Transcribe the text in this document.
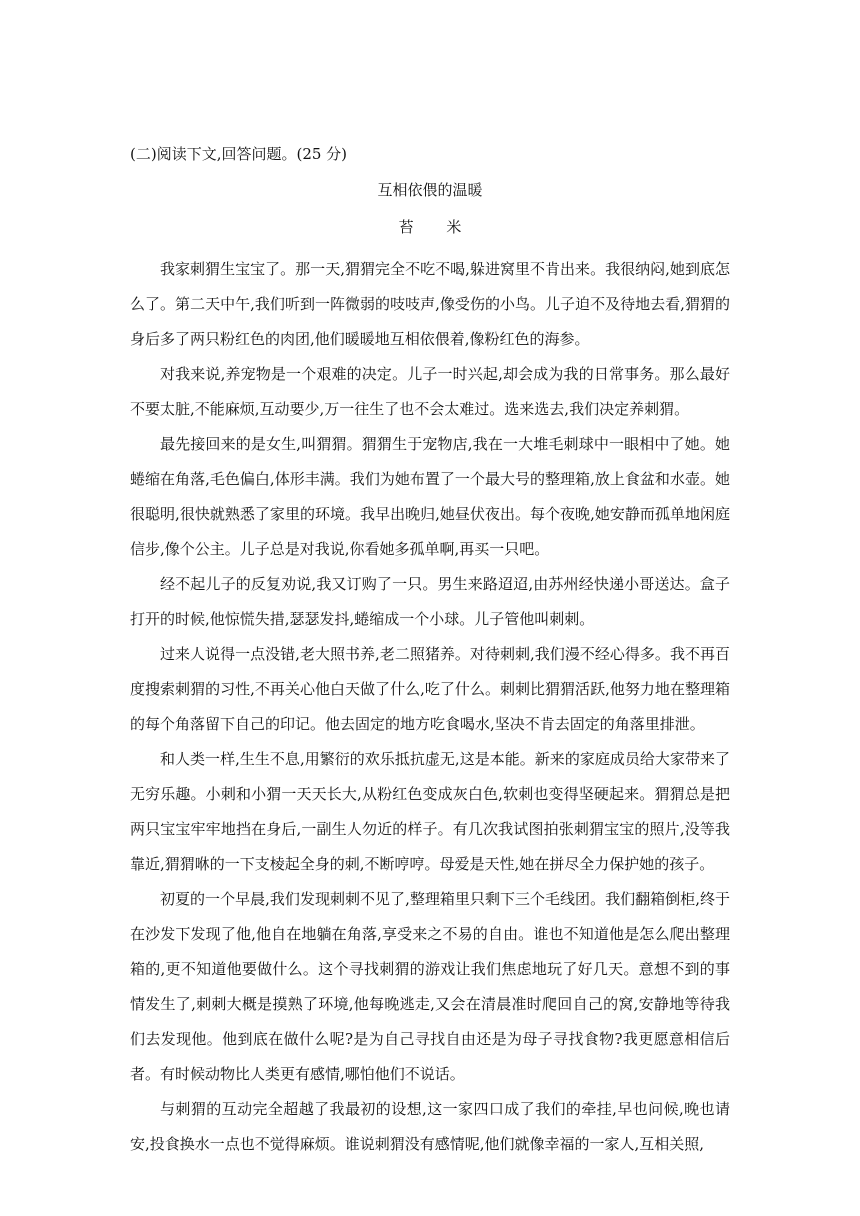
(二)阅读下文,回答问题。(25 分)
互相依偎的温暖
苔 米

我家刺猬生宝宝了。那一天,猬猬完全不吃不喝,躲进窝里不肯出来。我很纳闷,她到底怎么了。第二天中午,我们听到一阵微弱的吱吱声,像受伤的小鸟。儿子迫不及待地去看,猬猬的身后多了两只粉红色的肉团,他们暖暖地互相依偎着,像粉红色的海参。

对我来说,养宠物是一个艰难的决定。儿子一时兴起,却会成为我的日常事务。那么最好不要太脏,不能麻烦,互动要少,万一往生了也不会太难过。选来选去,我们决定养刺猬。

最先接回来的是女生,叫猬猬。猬猬生于宠物店,我在一大堆毛刺球中一眼相中了她。她蜷缩在角落,毛色偏白,体形丰满。我们为她布置了一个最大号的整理箱,放上食盆和水壶。她很聪明,很快就熟悉了家里的环境。我早出晚归,她昼伏夜出。每个夜晚,她安静而孤单地闲庭信步,像个公主。儿子总是对我说,你看她多孤单啊,再买一只吧。

经不起儿子的反复劝说,我又订购了一只。男生来路迢迢,由苏州经快递小哥送达。盒子打开的时候,他惊慌失措,瑟瑟发抖,蜷缩成一个小球。儿子管他叫刺刺。

过来人说得一点没错,老大照书养,老二照猪养。对待刺刺,我们漫不经心得多。我不再百度搜索刺猬的习性,不再关心他白天做了什么,吃了什么。刺刺比猬猬活跃,他努力地在整理箱的每个角落留下自己的印记。他去固定的地方吃食喝水,坚决不肯去固定的角落里排泄。

和人类一样,生生不息,用繁衍的欢乐抵抗虚无,这是本能。新来的家庭成员给大家带来了无穷乐趣。小刺和小猬一天天长大,从粉红色变成灰白色,软刺也变得坚硬起来。猬猬总是把两只宝宝牢牢地挡在身后,一副生人勿近的样子。有几次我试图拍张刺猬宝宝的照片,没等我靠近,猬猬咻的一下支棱起全身的刺,不断哼哼。母爱是天性,她在拼尽全力保护她的孩子。

初夏的一个早晨,我们发现刺刺不见了,整理箱里只剩下三个毛线团。我们翻箱倒柜,终于在沙发下发现了他,他自在地躺在角落,享受来之不易的自由。谁也不知道他是怎么爬出整理箱的,更不知道他要做什么。这个寻找刺猬的游戏让我们焦虑地玩了好几天。意想不到的事情发生了,刺刺大概是摸熟了环境,他每晚逃走,又会在清晨准时爬回自己的窝,安静地等待我们去发现他。他到底在做什么呢?是为自己寻找自由还是为母子寻找食物?我更愿意相信后者。有时候动物比人类更有感情,哪怕他们不说话。

与刺猬的互动完全超越了我最初的设想,这一家四口成了我们的牵挂,早也问候,晚也请安,投食换水一点也不觉得麻烦。谁说刺猬没有感情呢,他们就像幸福的一家人,互相关照,
